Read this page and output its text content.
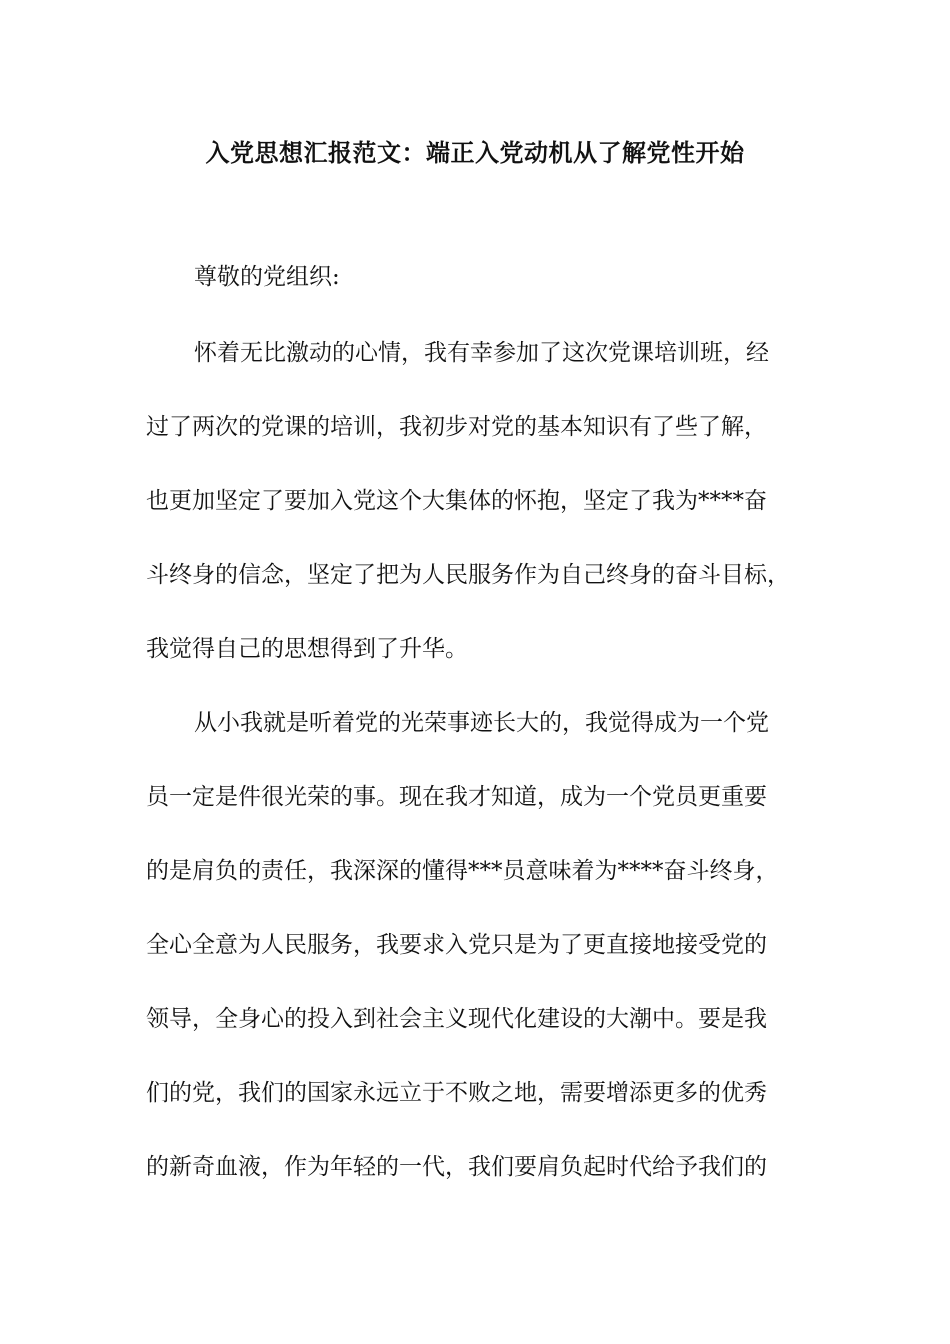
入党思想汇报范文：端正入党动机从了解党性开始
尊敬的党组织:
怀着无比激动的心情，我有幸参加了这次党课培训班，经
过了两次的党课的培训，我初步对党的基本知识有了些了解，
也更加坚定了要加入党这个大集体的怀抱，坚定了我为****奋
斗终身的信念，坚定了把为人民服务作为自己终身的奋斗目标，
我觉得自己的思想得到了升华。
从小我就是听着党的光荣事迹长大的，我觉得成为一个党
员一定是件很光荣的事。现在我才知道，成为一个党员更重要
的是肩负的责任，我深深的懂得***员意味着为****奋斗终身，
全心全意为人民服务，我要求入党只是为了更直接地接受党的
领导，全身心的投入到社会主义现代化建设的大潮中。要是我
们的党，我们的国家永远立于不败之地，需要增添更多的优秀
的新奇血液，作为年轻的一代，我们要肩负起时代给予我们的
